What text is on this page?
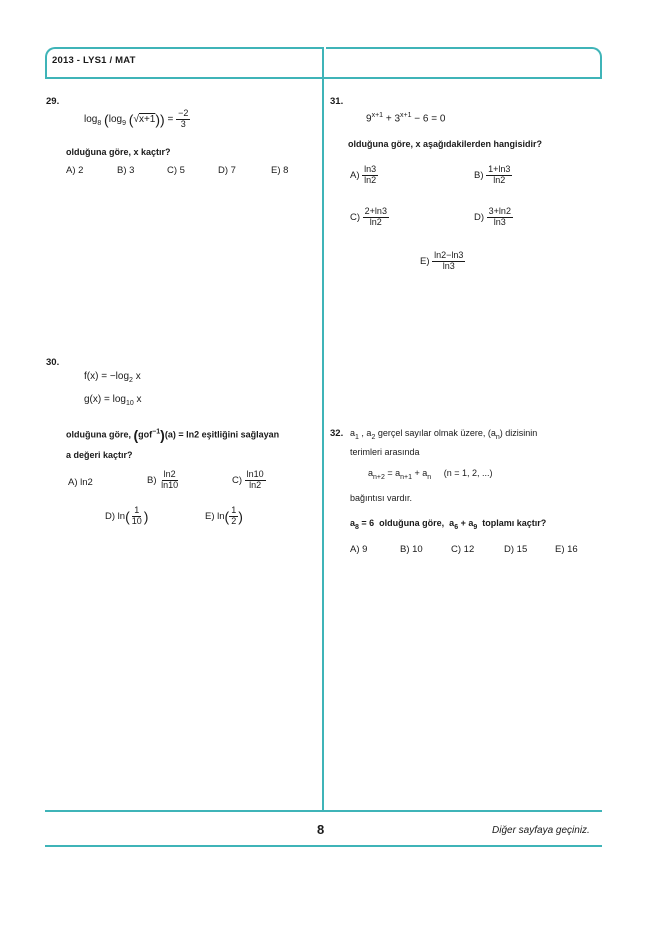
2013 - LYS1 / MAT
29.
$\log_8 (\log_9$ $(√x+1)) = \frac{-2}{3}$
olduğuna göre, x kaçtır?
A) 2	B) 3	C) 5	D) 7	E) 8
30.
$f(x) = -\log_2$ x
$g(x) = \log_{10} x$
olduğuna göre, (gof$^{-1}$)(a) = ln2 eşitliğini sağlayan
a değeri kaçtır?
A) ln2	$B) \frac{\ln 2}{\ln 10}$	$C) \frac{\ln 10}{\ln 2}$
D) $\ln( \frac{1}{10}$ )	E) $\ln( \frac{1}{2}$ )
31.
$9^{x+1} + 3^{x+1} - 6 = 0$
olduğuna göre, x aşağıdakilerden hangisidir?
$A) \frac{\ln 3}{\ln 2}$	$B) \frac{1+\ln 3}{\ln 2}$
$C) \frac{2+\ln 3}{\ln 2}$	$D) \frac{3+\ln 2}{\ln 3}$
$E) \frac{\ln 2-\ln 3}{\ln 3}$
32. $a_1$ , $a_2$ gerçel sayılar olmak üzere, $(a_n)$ dizisinin
terimleri arasında
$a_{n+2} = a_{n+1} + a_n$     (n = 1, 2, ...)
bağıntısı vardır.
$a_8 = 6$  olduğuna göre,  $a_6 + a_9$  toplamı kaçtır?
A) 9	B) 10	C) 12	D) 15	E) 16
8	Diğer sayfaya geçiniz.
